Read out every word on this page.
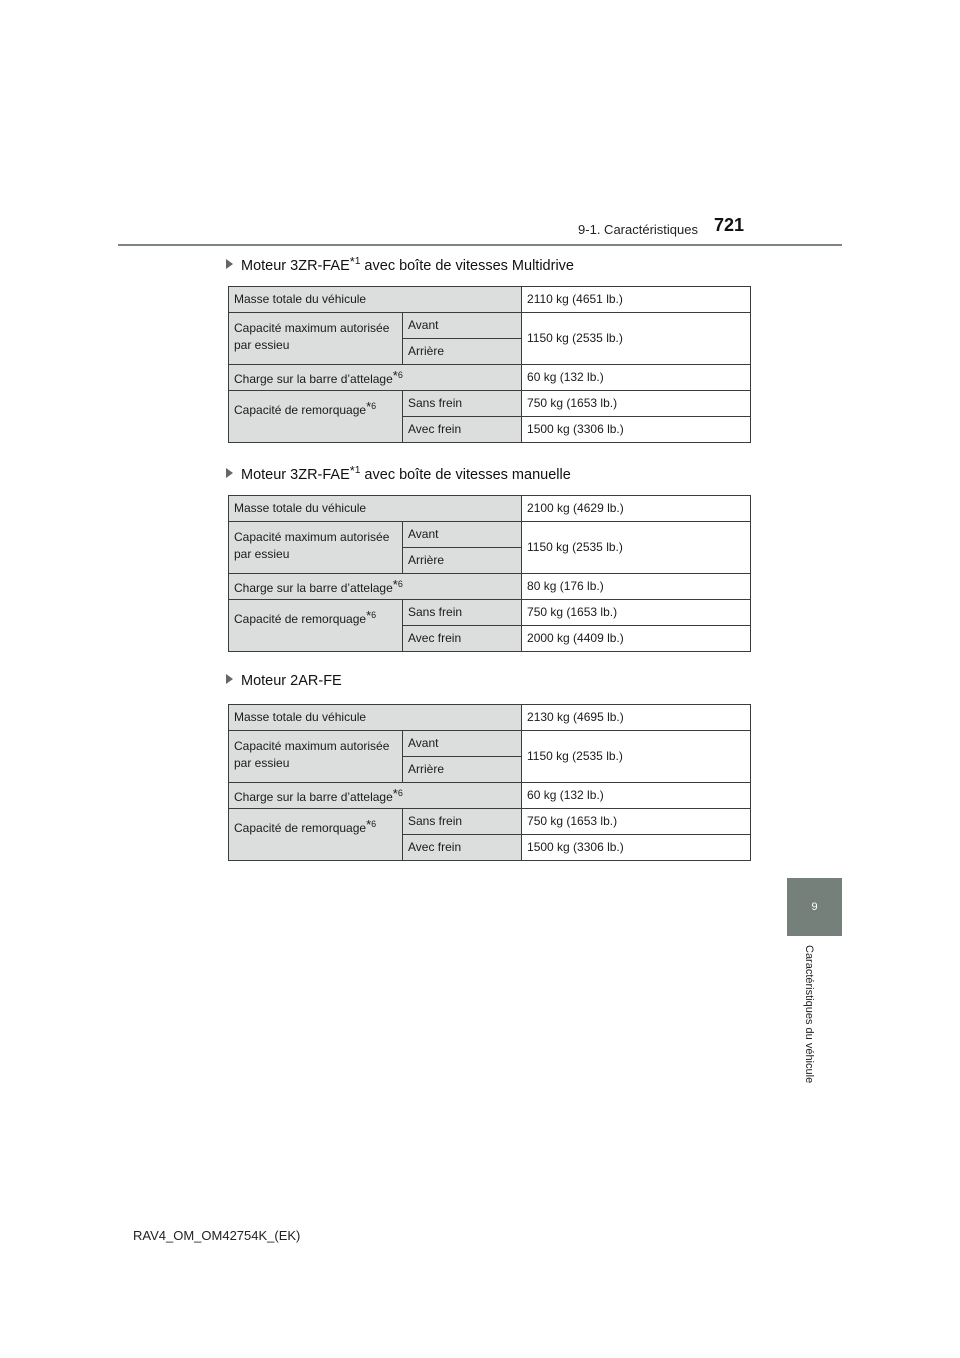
9-1. Caractéristiques 721
9
Caractéristiques du véhicule
Moteur 3ZR-FAE*$^1$ avec boîte de vitesses Multidrive
Masse totale du véhicule		2110 kg (4651 lb.)
Capacité maximum autorisée par essieu	Avant	1150 kg (2535 lb.)
	Arrière	
Charge sur la barre d’attelage*$^6$		60 kg (132 lb.)
Capacité de remorquage*$^6$	Sans frein	750 kg (1653 lb.)
	Avec frein	1500 kg (3306 lb.)
Moteur 3ZR-FAE*$^1$ avec boîte de vitesses manuelle
Masse totale du véhicule		2100 kg (4629 lb.)
Capacité maximum autorisée par essieu	Avant	1150 kg (2535 lb.)
	Arrière	
Charge sur la barre d’attelage*$^6$		80 kg (176 lb.)
Capacité de remorquage*$^6$	Sans frein	750 kg (1653 lb.)
	Avec frein	2000 kg (4409 lb.)
Moteur 2AR-FE
Masse totale du véhicule		2130 kg (4695 lb.)
Capacité maximum autorisée par essieu	Avant	1150 kg (2535 lb.)
	Arrière	
Charge sur la barre d’attelage*$^6$		60 kg (132 lb.)
Capacité de remorquage*$^6$	Sans frein	750 kg (1653 lb.)
	Avec frein	1500 kg (3306 lb.)
RAV4_OM_OM42754K_(EK)
